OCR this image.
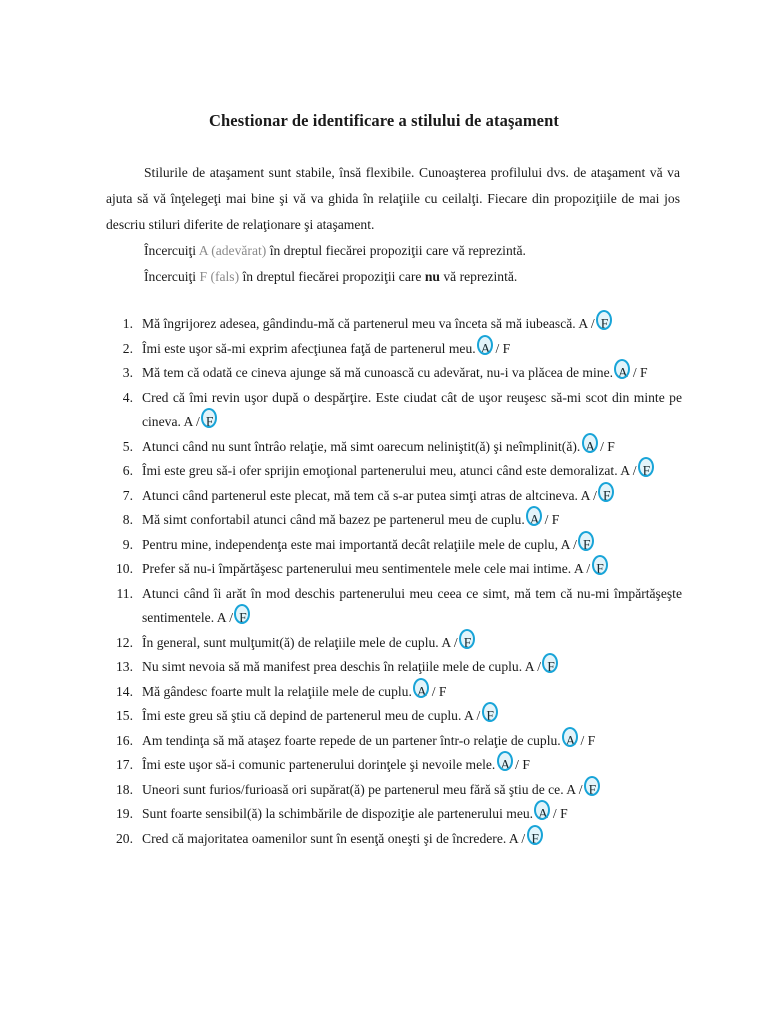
Chestionar de identificare a stilului de ataşament

Stilurile de ataşament sunt stabile, însă flexibile. Cunoaşterea profilului dvs. de ataşament vă va ajuta să vă înţelegeţi mai bine şi vă va ghida în relaţiile cu ceilalţi. Fiecare din propoziţiile de mai jos descriu stiluri diferite de relaţionare şi ataşament.

Încercuiţi A (adevărat) în dreptul fiecărei propoziţii care vă reprezintă.

Încercuiţi F (fals) în dreptul fiecărei propoziţii care nu vă reprezintă.

1. Mă îngrijorez adesea, gândindu-mă că partenerul meu va înceta să mă iubească. A / F
2. Îmi este uşor să-mi exprim afecţiunea faţă de partenerul meu. A / F
3. Mă tem că odată ce cineva ajunge să mă cunoască cu adevărat, nu-i va plăcea de mine. A / F
4. Cred că îmi revin uşor după o despărţire. Este ciudat cât de uşor reuşesc să-mi scot din minte pe cineva. A / F
5. Atunci când nu sunt întrâo relaţie, mă simt oarecum neliniştit(ă) şi neîmplinit(ă). A / F
6. Îmi este greu să-i ofer sprijin emoţional partenerului meu, atunci când este demoralizat. A / F
7. Atunci când partenerul este plecat, mă tem că s-ar putea simţi atras de altcineva. A / F
8. Mă simt confortabil atunci când mă bazez pe partenerul meu de cuplu. A / F
9. Pentru mine, independenţa este mai importantă decât relaţiile mele de cuplu, A / F
10. Prefer să nu-i împărtăşesc partenerului meu sentimentele mele cele mai intime. A / F
11. Atunci când îi arăt în mod deschis partenerului meu ceea ce simt, mă tem că nu-mi împărtăşeşte sentimentele. A / F
12. În general, sunt mulţumit(ă) de relaţiile mele de cuplu. A / F
13. Nu simt nevoia să mă manifest prea deschis în relaţiile mele de cuplu. A / F
14. Mă gândesc foarte mult la relaţiile mele de cuplu. A / F
15. Îmi este greu să ştiu că depind de partenerul meu de cuplu. A / F
16. Am tendinţa să mă ataşez foarte repede de un partener într-o relaţie de cuplu. A / F
17. Îmi este uşor să-i comunic partenerului dorinţele şi nevoile mele. A / F
18. Uneori sunt furios/furioasă ori supărat(ă) pe partenerul meu fără să ştiu de ce. A / F
19. Sunt foarte sensibil(ă) la schimbările de dispoziţie ale partenerului meu. A / F
20. Cred că majoritatea oamenilor sunt în esenţă oneşti şi de încredere. A / F
